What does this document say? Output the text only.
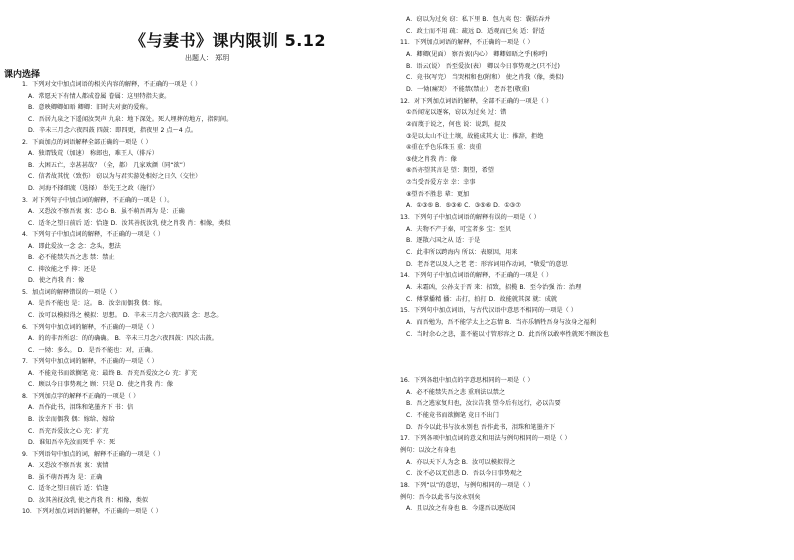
《与妻书》课内限训 5.12
出题人： 郑玥
课内选择
1．下列对文中加点词语的相关内容的解释，不正确的一项是（ ）
A．常愿天下有情人都成眷属 眷属：这里特指夫妻。
B．意映卿卿如晤 卿卿：旧时夫对妻的爱称。
C．吾居九泉之下遥闻汝哭声 九泉：地下深处。死人埋葬的地方，指阴间。
D．辛未三月念六夜四鼓 四鼓：即四更，指夜里 2 点～4 点。
2．下面加点的词语解释全部正确的一项是（ ）
A．独谓钱荒（加速） 称郎也，难王人（排斥）
B．大困五亡，幸甚甚哉？（全，都） 几家欢颜（同“欲”）
C．信者故其忧（致伤） 窃以为与君实游处相好之日久（交往）
D．河海不择细流（选择） 举先王之政（施行）
3．对下列句子中加点词的解释，不正确的一项是（ ）。
A．又恐汝不察吾衷 衷：忠心 B．虽不萌吾再为 是：正确
C．适冬之望日前后 适：恰逢 D．汝其善抚汝乳 使之肖我 肖：相像，类似
4．下列句子中加点词的解释，不正确的一项是（ ）
A．即此爱汝一念 念：念头，想法
B．必不能禁失吾之悲 禁：禁止
C．抑汝能之乎 抑：还是
D．使之肖我 肖：像
5．加点词的解释错误的一项是（ ）
A．是吾不能也 是：这。 B．汝幸而偶我 偶：嫁。
C．汝可以模拟得之 模拟：思想。 D．辛未三月念六夜四鼓 念：思念。
6．下列句中加点词的解释，不正确的一项是（ ）
A．的的非吾所忍：的的确确。 B．辛未三月念六夜四鼓：四次击鼓。
C．一恸：多么。 D．是吾不能也：对，正确。
7．下列句中加点词的解释，不正确的一项是（ ）
A．不能竟书而欲搁笔 竟：最终 B．吾充吾爱汝之心 充：扩充
C．顾以今日事势观之 顾：只是 D．使之肖我 肖：像
8．下列加点字的解释不正确的一项是（ ）
A．吾作此书，泪珠和笔墨齐下 书：信
B．汝幸而偶我 偶：嫁给、嫁给
C．吾充吾爱汝之心 充：扩充
D．谁知吾卒先汝而死乎 卒：死
9．下列语句中加点的词，解释不正确的一项是（ ）
A．又恐汝不察吾衷 衷：衷情
B．虽不萌吾再为 是：正确
C．适冬之望日前后 适：恰逢
D．汝其善抚汝乳 使之肖我 肖：相像，类似
10．下列对加点词语的解释，不正确的一项是（ ）
A．窃以为过矣 窃：私下里 B．包九夷 包：囊括吞并
C．政士而不用 疏：疏远 D．适观而已矣 适：舒适
11．下列加点词语的解释，不正确的一项是（ ）
A．卿卿(见面） 察吾衷(内心） 卿卿如晤之乎(称呼)
B．语云(说） 吾至爱汝(表） 卿以今日事势观之(只不过)
C．竟书(写完） 当哭相和也(附和） 使之肖我（像，类似)
D．一恸(痛哭） 不能禁(禁止） 老吾老(敬重)
12．对下列加点词语的解释，全部不正确的一项是（ ）
①吾闻宠以逐客，窃以为过矣 过：错
②而蔑于说之，何也 说：说到，提及
③是以太山不让土壤，故能成其大 让：推辞，拒绝
④重在乎色乐珠玉 重：贵重
⑤使之肖我 肖：像
⑥吾亦望其言是 望：期望，希望
⑦当受吾爱方幸 幸：幸事
⑧望吾不胜悲 辈：更加
A．①③⑤ B．⑤③⑥ C．③⑤⑥ D．①③⑦
13．下列句子中加点词语的解释有误的一项是（ ）
A．夫物不产于秦，可宝者多 宝：至贝
B．逐散六国之从 适：于是
C．此非所以跨海内 所以：表原因，用来
D．老吾老以及人之老 老：形容词用作动词，“敬爱”的意思
14．下列句子中加点词语的解释，不正确的一项是（ ）
A．未霜凶，公孙支于晋 来：招致，招揽 B．至今治强 治：治理
C．傅掌播精 播：击打，拍打 D．故能就其深 就：成就
15．下列句中加点词语，与古代汉语中意思不相同的一项是（ ）
A．而吾勉为，吾不能学太上之忘情 B．当亦乐牺牲吾身与汝身之福利
C．当时余心之悲，盖不能以寸管形容之 D．此吾所以敢率性就死不顾汝也
16．下列各组中加点的字意思相同的一项是（ ）
A．必不能禁失吾之悲 重刑法以禁之
B．吾之逃家复归也，汝泣告我 望今后有远行，必以告要
C．不能竟书而欲搁笔 竟日不出门
D．吾今以此书与汝永别也 吾作此书，泪珠和笔墨齐下
17．下列各项中加点词的意义和用法与例句相同的一项是（ ）
例句：以汝之有身也
A．亦以天下人为念 B．汝可以模拟得之
C．汝不必以无侣悲 D．吾以今日事势观之
18．下列“以”的意思，与例句相同的一项是（ ）
例句：吾今以此书与汝永别矣
A．且以汝之有身也 B．今遂吾以逐故国
